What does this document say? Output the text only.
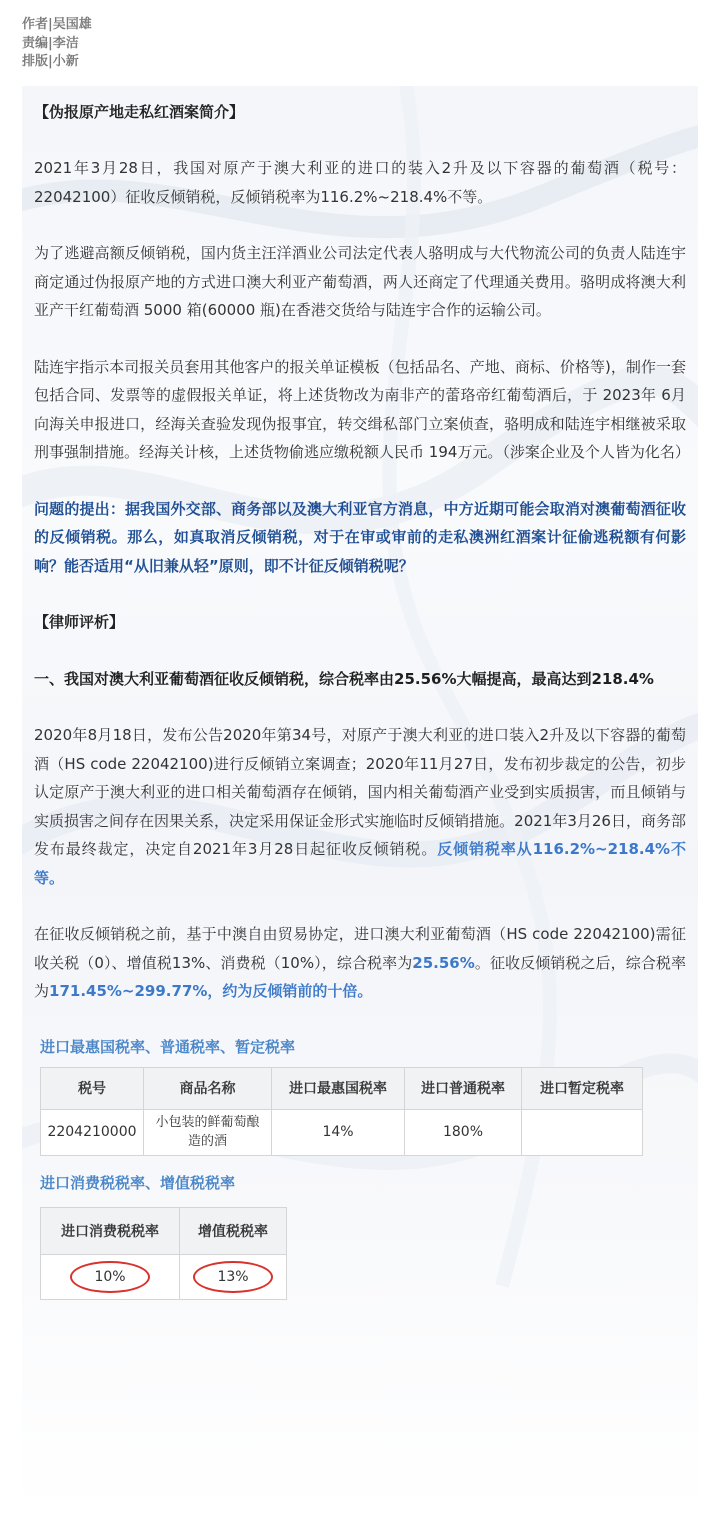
作者|吴国雄
责编|李洁
排版|小新

【伪报原产地走私红酒案简介】

2021年3月28日，我国对原产于澳大利亚的进口的装入2升及以下容器的葡萄酒（税号：22042100）征收反倾销税，反倾销税率为116.2%~218.4%不等。

为了逃避高额反倾销税，国内货主汪洋酒业公司法定代表人骆明成与大代物流公司的负责人陆连宇商定通过伪报原产地的方式进口澳大利亚产葡萄酒，两人还商定了代理通关费用。骆明成将澳大利亚产干红葡萄酒 5000 箱(60000 瓶)在香港交货给与陆连宇合作的运输公司。

陆连宇指示本司报关员套用其他客户的报关单证模板（包括品名、产地、商标、价格等)，制作一套包括合同、发票等的虚假报关单证，将上述货物改为南非产的蕾珞帝红葡萄酒后，于 2023年 6月向海关申报进口，经海关查验发现伪报事宜，转交缉私部门立案侦查，骆明成和陆连宇相继被采取刑事强制措施。经海关计核，上述货物偷逃应缴税额人民币 194万元。（涉案企业及个人皆为化名）

问题的提出：据我国外交部、商务部以及澳大利亚官方消息，中方近期可能会取消对澳葡萄酒征收的反倾销税。那么，如真取消反倾销税，对于在审或审前的走私澳洲红酒案计征偷逃税额有何影响？能否适用“从旧兼从轻”原则，即不计征反倾销税呢？

【律师评析】

一、我国对澳大利亚葡萄酒征收反倾销税，综合税率由25.56%大幅提高，最高达到218.4%

2020年8月18日，发布公告2020年第34号，对原产于澳大利亚的进口装入2升及以下容器的葡萄酒（HS code 22042100)进行反倾销立案调查；2020年11月27日，发布初步裁定的公告，初步认定原产于澳大利亚的进口相关葡萄酒存在倾销，国内相关葡萄酒产业受到实质损害，而且倾销与实质损害之间存在因果关系，决定采用保证金形式实施临时反倾销措施。2021年3月26日，商务部发布最终裁定，决定自2021年3月28日起征收反倾销税。反倾销税率从116.2%~218.4%不等。

在征收反倾销税之前，基于中澳自由贸易协定，进口澳大利亚葡萄酒（HS code 22042100)需征收关税（0）、增值税13%、消费税（10%），综合税率为25.56%。征收反倾销税之后，综合税率为171.45%~299.77%，约为反倾销前的十倍。

进口最惠国税率、普通税率、暂定税率
税号	商品名称	进口最惠国税率	进口普通税率	进口暂定税率
2204210000	小包装的鲜葡萄酿造的酒	14%	180%	
进口消费税税率、增值税税率
进口消费税税率	增值税税率
10%	13%
